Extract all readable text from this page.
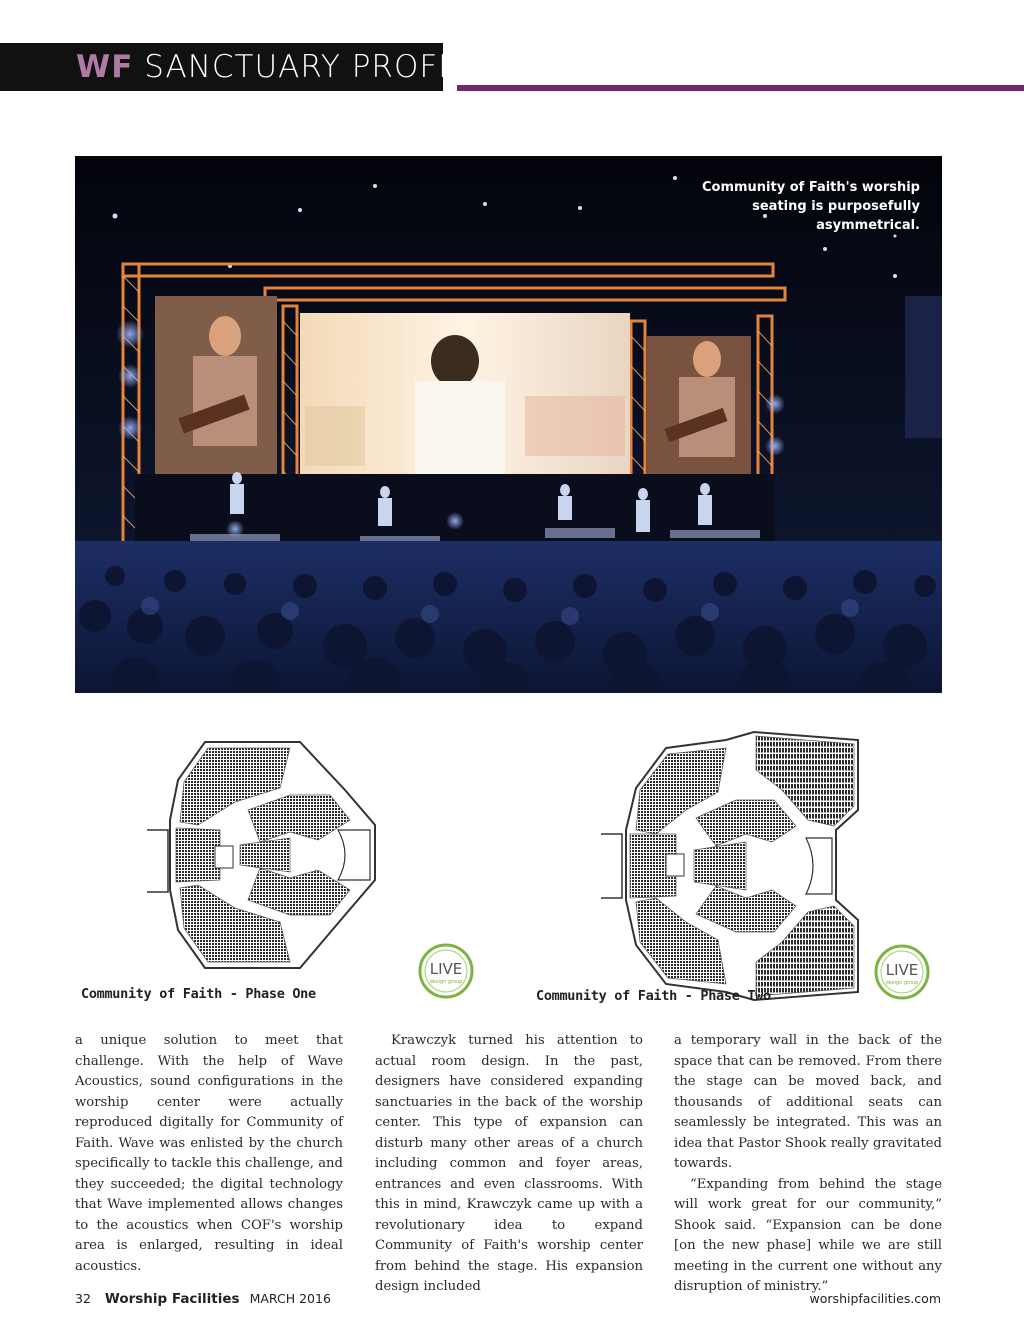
WF SANCTUARY PROFILE
Community of Faith's worship seating is purposefully asymmetrical.
Community of Faith - Phase One
LIVE
design group
Community of Faith - Phase Two
LIVE
design group

a unique solution to meet that challenge. With the help of Wave Acoustics, sound configurations in the worship center were actually reproduced digitally for Community of Faith. Wave was enlisted by the church specifically to tackle this challenge, and they succeeded; the digital technology that Wave implemented allows changes to the acoustics when COF's worship area is enlarged, resulting in ideal acoustics.

Krawczyk turned his attention to actual room design. In the past, designers have considered expanding sanctuaries in the back of the worship center. This type of expansion can disturb many other areas of a church including common and foyer areas, entrances and even classrooms. With this in mind, Krawczyk came up with a revolutionary idea to expand Community of Faith's worship center from behind the stage. His expansion design included

a temporary wall in the back of the space that can be removed. From there the stage can be moved back, and thousands of additional seats can seamlessly be integrated. This was an idea that Pastor Shook really gravitated towards.

“Expanding from behind the stage will work great for our community,” Shook said. “Expansion can be done [on the new phase] while we are still meeting in the current one without any disruption of ministry.”

32 Worship Facilities MARCH 2016	worshipfacilities.com
